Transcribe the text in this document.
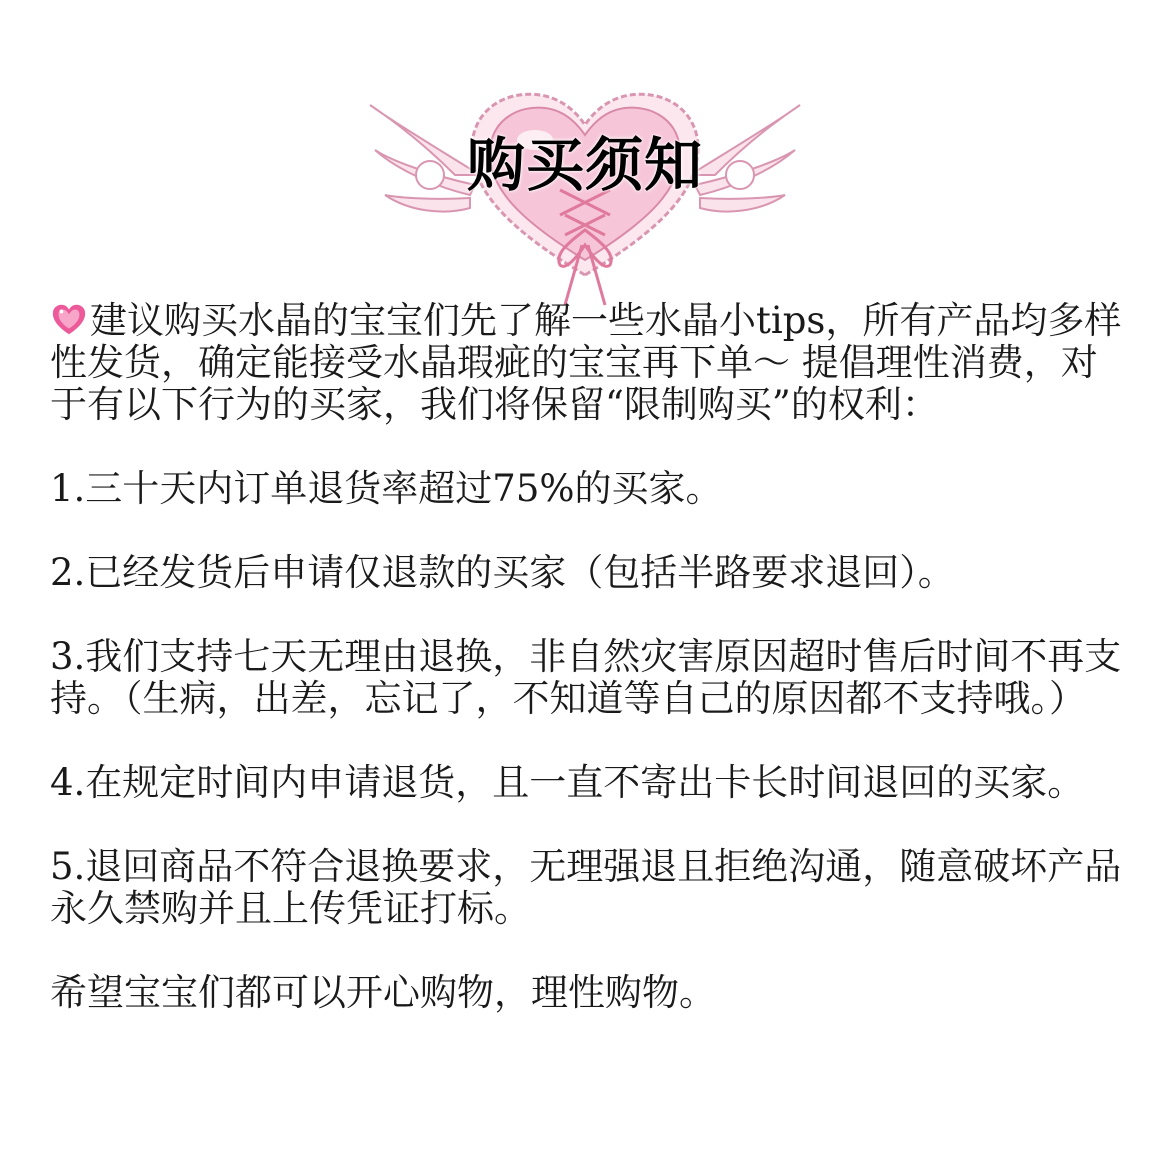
购买须知

建议购买水晶的宝宝们先了解一些水晶小tips，所有产品均多样性发货，确定能接受水晶瑕疵的宝宝再下单～ 提倡理性消费，对于有以下行为的买家，我们将保留“限制购买”的权利：

1.三十天内订单退货率超过75%的买家。

2.已经发货后申请仅退款的买家（包括半路要求退回）。

3.我们支持七天无理由退换，非自然灾害原因超时售后时间不再支持。（生病，出差，忘记了，不知道等自己的原因都不支持哦。）

4.在规定时间内申请退货，且一直不寄出卡长时间退回的买家。

5.退回商品不符合退换要求，无理强退且拒绝沟通，随意破坏产品永久禁购并且上传凭证打标。

希望宝宝们都可以开心购物，理性购物。
